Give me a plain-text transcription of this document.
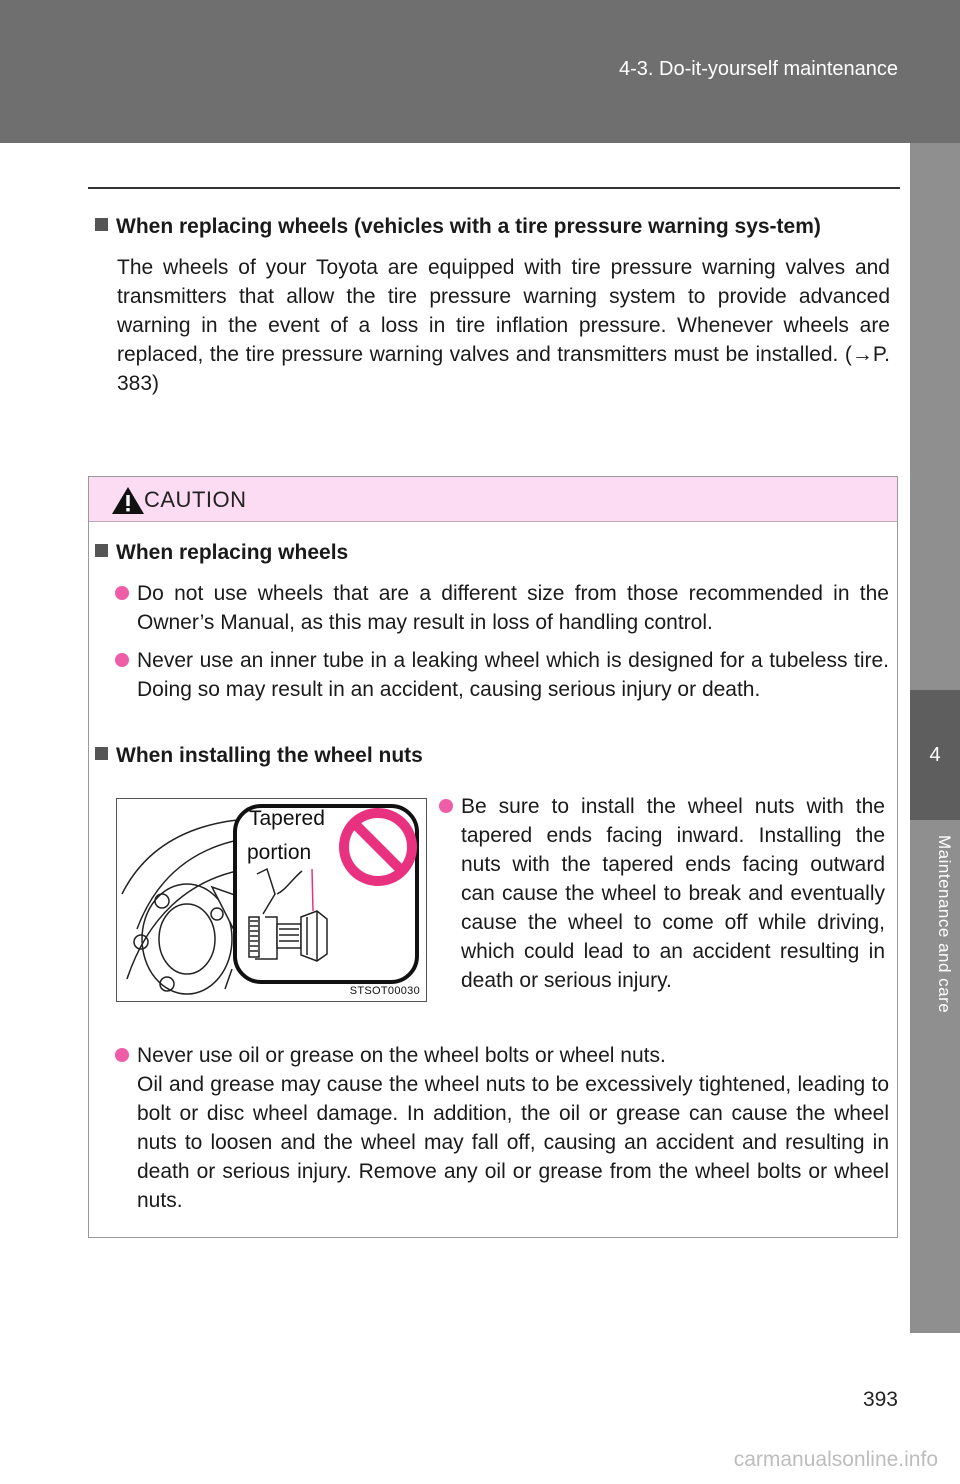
4-3. Do-it-yourself maintenance
4
Maintenance and care
When replacing wheels (vehicles with a tire pressure warning sys-tem)
The wheels of your Toyota are equipped with tire pressure warning valves and transmitters that allow the tire pressure warning system to provide advanced warning in the event of a loss in tire inflation pressure. Whenever wheels are replaced, the tire pressure warning valves and transmitters must be installed. (→P. 383)
CAUTION
When replacing wheels
Do not use wheels that are a different size from those recommended in the Owner’s Manual, as this may result in loss of handling control.
Never use an inner tube in a leaking wheel which is designed for a tubeless tire. Doing so may result in an accident, causing serious injury or death.
When installing the wheel nuts
Tapered
portion
STSOT00030
Be sure to install the wheel nuts with the tapered ends facing inward. Installing the nuts with the tapered ends facing outward can cause the wheel to break and eventually cause the wheel to come off while driving, which could lead to an accident resulting in death or serious injury.
Never use oil or grease on the wheel bolts or wheel nuts.
Oil and grease may cause the wheel nuts to be excessively tightened, leading to bolt or disc wheel damage. In addition, the oil or grease can cause the wheel nuts to loosen and the wheel may fall off, causing an accident and resulting in death or serious injury. Remove any oil or grease from the wheel bolts or wheel nuts.
393
carmanualsonline.info
